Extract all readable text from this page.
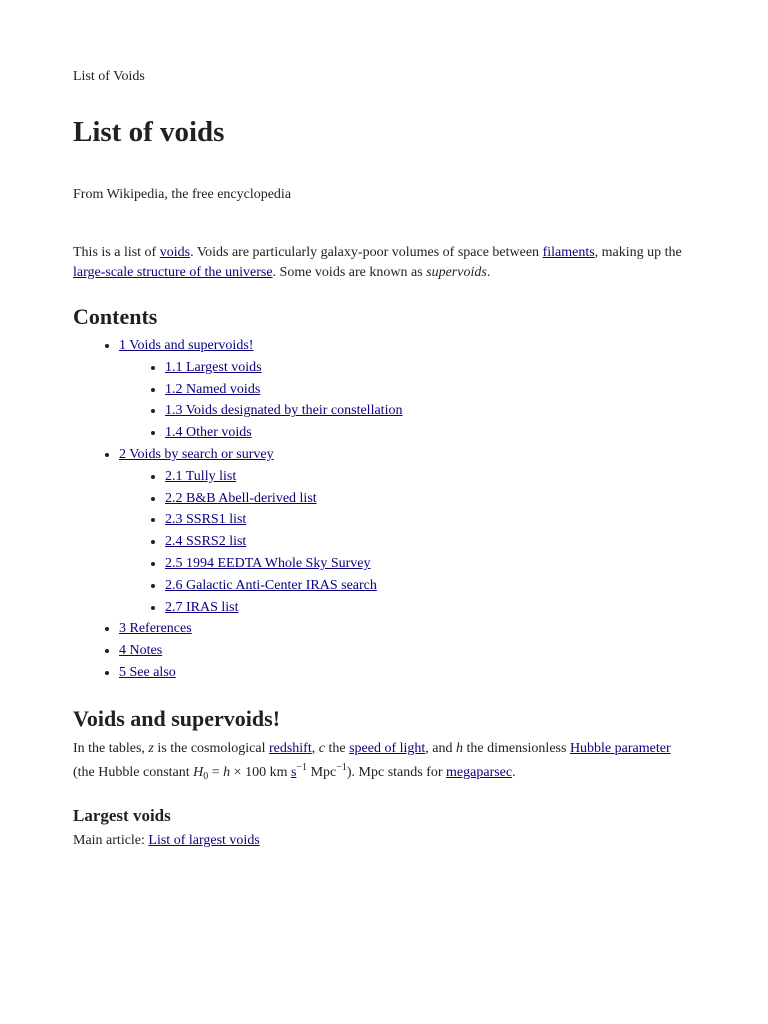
List of Voids
List of voids
From Wikipedia, the free encyclopedia

This is a list of voids. Voids are particularly galaxy-poor volumes of space between filaments, making up the large-scale structure of the universe. Some voids are known as supervoids.

Contents
• 1 Voids and supervoids!
• 1.1 Largest voids
• 1.2 Named voids
• 1.3 Voids designated by their constellation
• 1.4 Other voids
• 2 Voids by search or survey
• 2.1 Tully list
• 2.2 B&B Abell-derived list
• 2.3 SSRS1 list
• 2.4 SSRS2 list
• 2.5 1994 EEDTA Whole Sky Survey
• 2.6 Galactic Anti-Center IRAS search
• 2.7 IRAS list
• 3 References
• 4 Notes
• 5 See also
Voids and supervoids!

In the tables, z is the cosmological redshift, c the speed of light, and h the dimensionless Hubble parameter (the Hubble constant $H_0 = h \times 100$ km $s^{-1}$ Mpc$^{-1}$). Mpc stands for megaparsec.

Largest voids
Main article: List of largest voids
